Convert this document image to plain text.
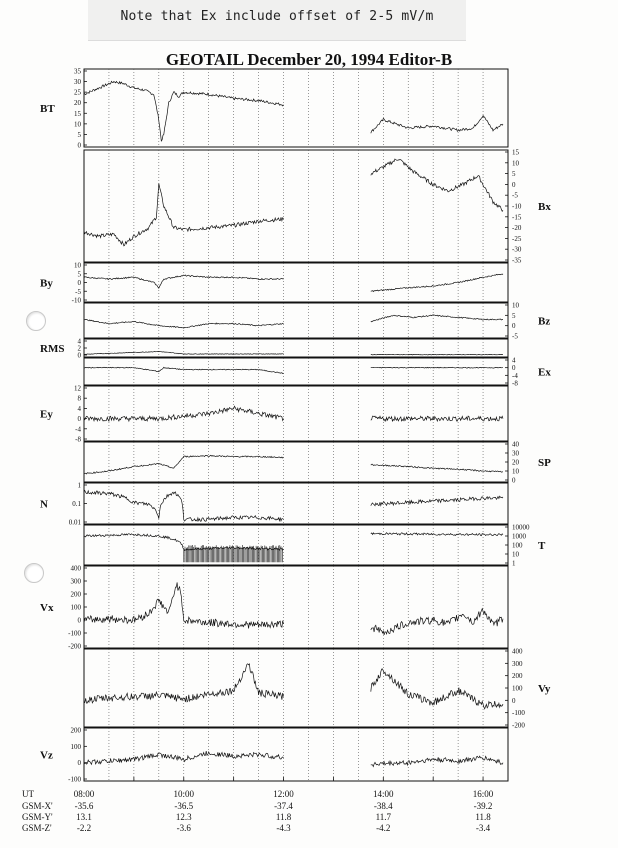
Note that Ex include offset of 2-5 mV/m
GEOTAIL December 20, 1994 Editor-B
35
30
25
20
15
10
5
0
BT
15
10
5
0
-5
-10
-15
-20
-25
-30
-35
Bx
10
5
0
-5
-10
By
10
5
0
-5
Bz
4
2
0
RMS
4
0
-4
-8
Ex
12
8
4
0
-4
-8
Ey
40
30
20
10
0
SP
1
0.1
0.01
N
10000
1000
100
10
1
T
400
300
200
100
0
-100
-200
Vx
400
300
200
100
0
-100
-200
Vy
200
100
0
-100
Vz
UT
GSM-X'
GSM-Y'
GSM-Z'
08:00
-35.6
13.1
-2.2
10:00
-36.5
12.3
-3.6
12:00
-37.4
11.8
-4.3
14:00
-38.4
11.7
-4.2
16:00
-39.2
11.8
-3.4
